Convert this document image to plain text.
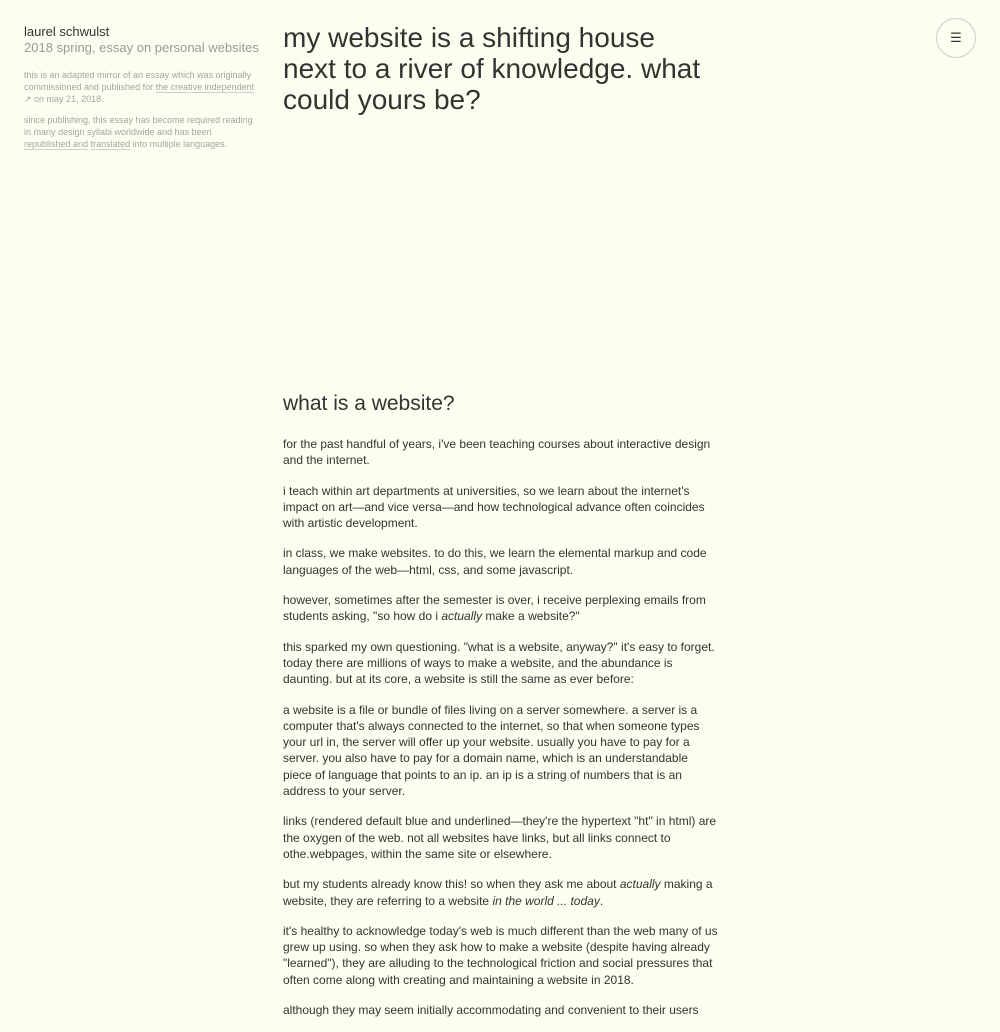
laurel schwulst

2018 spring, essay on personal websites

this is an adapted mirror of an essay which was originally commissioned and published for the creative independent ↗ on may 21, 2018.

since publishing, this essay has become required reading in many design syllabi worldwide and has been republished and translated into multiple languages.

my website is a shifting house next to a river of knowledge. what could yours be?
what is a website?

for the past handful of years, i've been teaching courses about interactive design and the internet.

i teach within art departments at universities, so we learn about the internet's impact on art—and vice versa—and how technological advance often coincides with artistic development.

in class, we make websites. to do this, we learn the elemental markup and code languages of the web—html, css, and some javascript.

however, sometimes after the semester is over, i receive perplexing emails from students asking, "so how do i actually make a website?"

this sparked my own questioning. "what is a website, anyway?" it's easy to forget. today there are millions of ways to make a website, and the abundance is daunting. but at its core, a website is still the same as ever before:

a website is a file or bundle of files living on a server somewhere. a server is a computer that's always connected to the internet, so that when someone types your url in, the server will offer up your website. usually you have to pay for a server. you also have to pay for a domain name, which is an understandable piece of language that points to an ip. an ip is a string of numbers that is an address to your server.

links (rendered default blue and underlined—they're the hypertext "ht" in html) are the oxygen of the web. not all websites have links, but all links connect to othe.webpages, within the same site or elsewhere.

but my students already know this! so when they ask me about actually making a website, they are referring to a website in the world ... today.

it's healthy to acknowledge today's web is much different than the web many of us grew up using. so when they ask how to make a website (despite having already "learned"), they are alluding to the technological friction and social pressures that often come along with creating and maintaining a website in 2018.

although they may seem initially accommodating and convenient to their users

☰
